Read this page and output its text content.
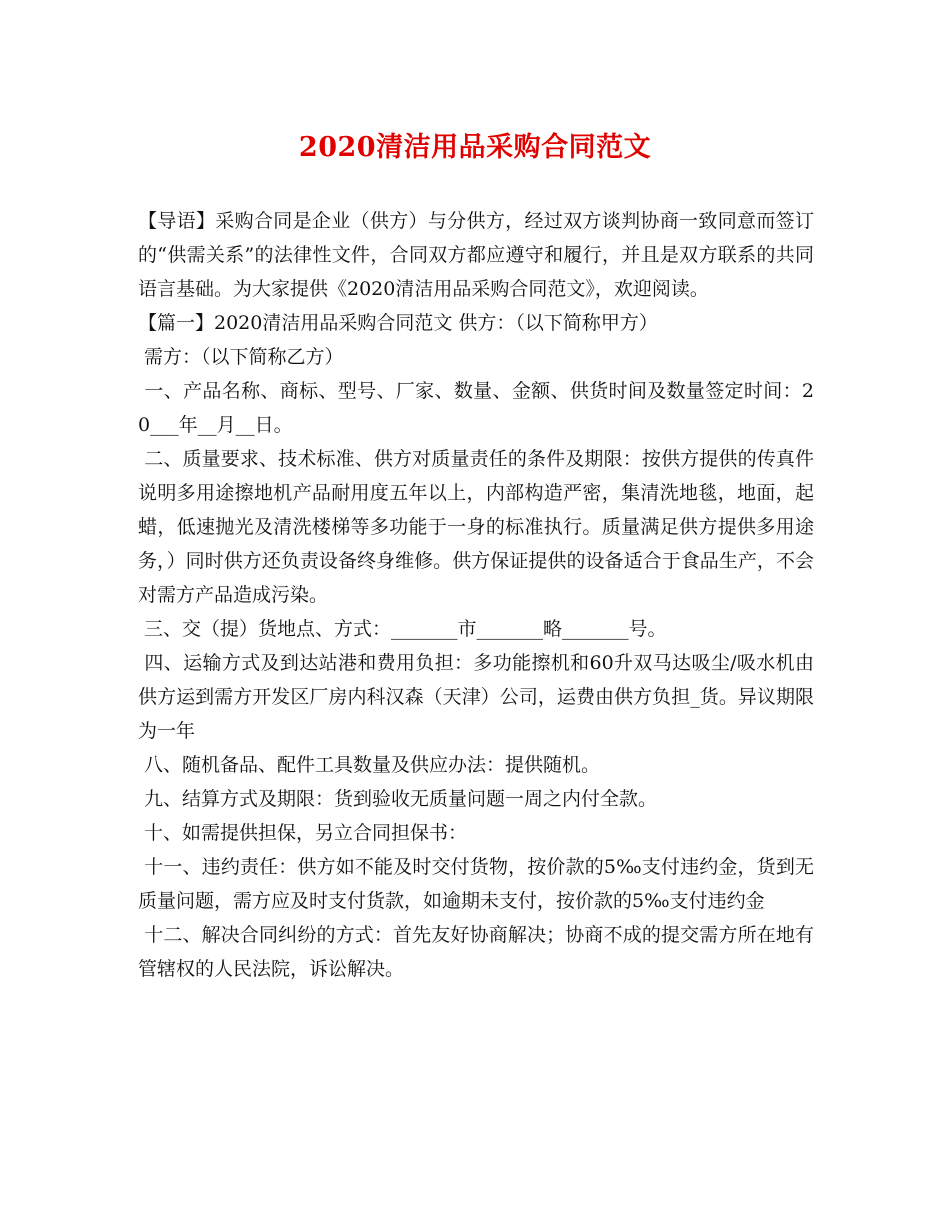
2020清洁用品采购合同范文

【导语】采购合同是企业（供方）与分供方，经过双方谈判协商一致同意而签订的“供需关系”的法律性文件，合同双方都应遵守和履行，并且是双方联系的共同语言基础。为大家提供《2020清洁用品采购合同范文》，欢迎阅读。

【篇一】2020清洁用品采购合同范文 供方：（以下简称甲方）

需方：（以下简称乙方）

一、产品名称、商标、型号、厂家、数量、金额、供货时间及数量签定时间：20___年__月__日。

二、质量要求、技术标准、供方对质量责任的条件及期限：按供方提供的传真件说明多用途擦地机产品耐用度五年以上，内部构造严密，集清洗地毯，地面，起蜡，低速抛光及清洗楼梯等多功能于一身的标准执行。质量满足供方提供多用途务，）同时供方还负责设备终身维修。供方保证提供的设备适合于食品生产，不会对需方产品造成污染。

三、交（提）货地点、方式：_______市_______略_______号。

四、运输方式及到达站港和费用负担：多功能擦机和60升双马达吸尘/吸水机由供方运到需方开发区厂房内科汉森（天津）公司，运费由供方负担_货。异议期限为一年

八、随机备品、配件工具数量及供应办法：提供随机。

九、结算方式及期限：货到验收无质量问题一周之内付全款。

十、如需提供担保，另立合同担保书：

十一、违约责任：供方如不能及时交付货物，按价款的5‰支付违约金，货到无质量问题，需方应及时支付货款，如逾期未支付，按价款的5‰支付违约金

十二、解决合同纠纷的方式：首先友好协商解决；协商不成的提交需方所在地有管辖权的人民法院，诉讼解决。
